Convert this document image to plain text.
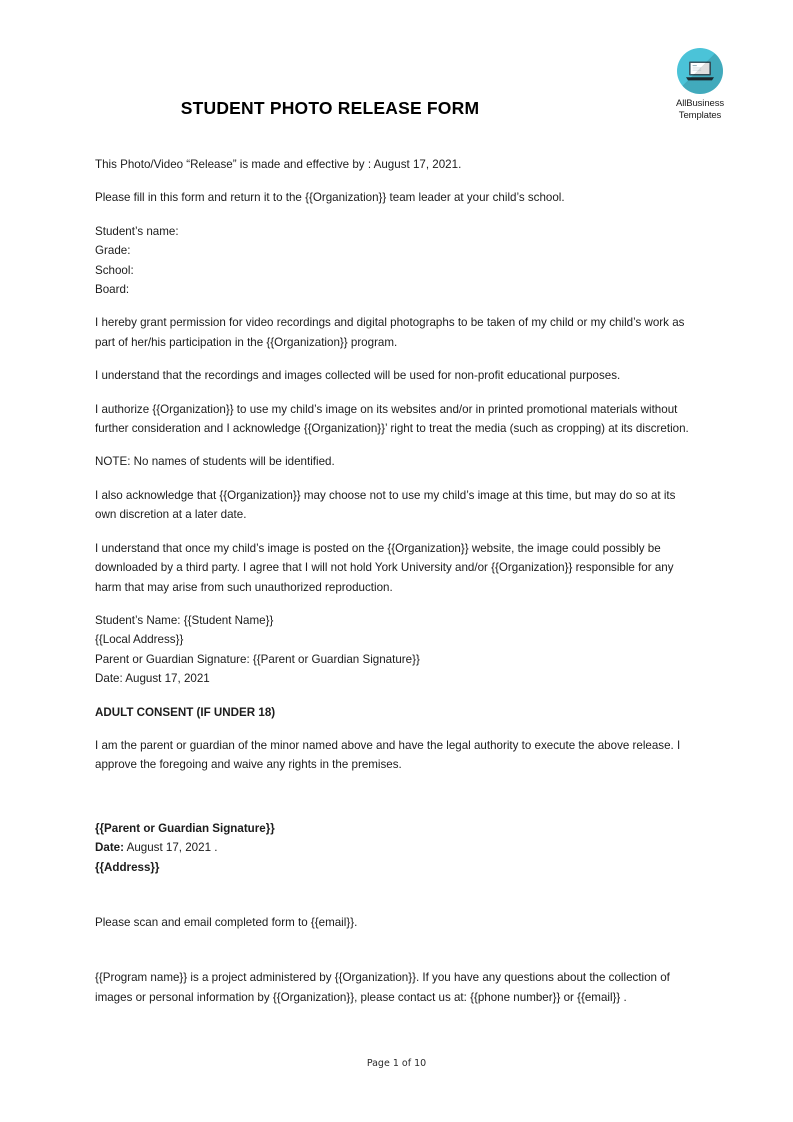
AllBusiness
Templates
STUDENT PHOTO RELEASE FORM

This Photo/Video “Release” is made and effective by : August 17, 2021.

Please fill in this form and return it to the {{Organization}} team leader at your child’s school.

Student’s name:
Grade:
School:
Board:

I hereby grant permission for video recordings and digital photographs to be taken of my child or my child’s work as part of her/his participation in the {{Organization}} program.

I understand that the recordings and images collected will be used for non-profit educational purposes.

I authorize {{Organization}} to use my child’s image on its websites and/or in printed promotional materials without further consideration and I acknowledge {{Organization}}’ right to treat the media (such as cropping) at its discretion.

NOTE: No names of students will be identified.

I also acknowledge that {{Organization}} may choose not to use my child’s image at this time, but may do so at its own discretion at a later date.

I understand that once my child’s image is posted on the {{Organization}} website, the image could possibly be downloaded by a third party. I agree that I will not hold York University and/or {{Organization}} responsible for any harm that may arise from such unauthorized reproduction.

Student’s Name: {{Student Name}}
{{Local Address}}
Parent or Guardian Signature: {{Parent or Guardian Signature}}
Date: August 17, 2021

ADULT CONSENT (IF UNDER 18)

I am the parent or guardian of the minor named above and have the legal authority to execute the above release. I approve the foregoing and waive any rights in the premises.

{{Parent or Guardian Signature}}
Date: August 17, 2021 .
{{Address}}

Please scan and email completed form to {{email}}.

{{Program name}} is a project administered by {{Organization}}. If you have any questions about the collection of images or personal information by {{Organization}}, please contact us at: {{phone number}} or {{email}} .

Page 1 of 10
